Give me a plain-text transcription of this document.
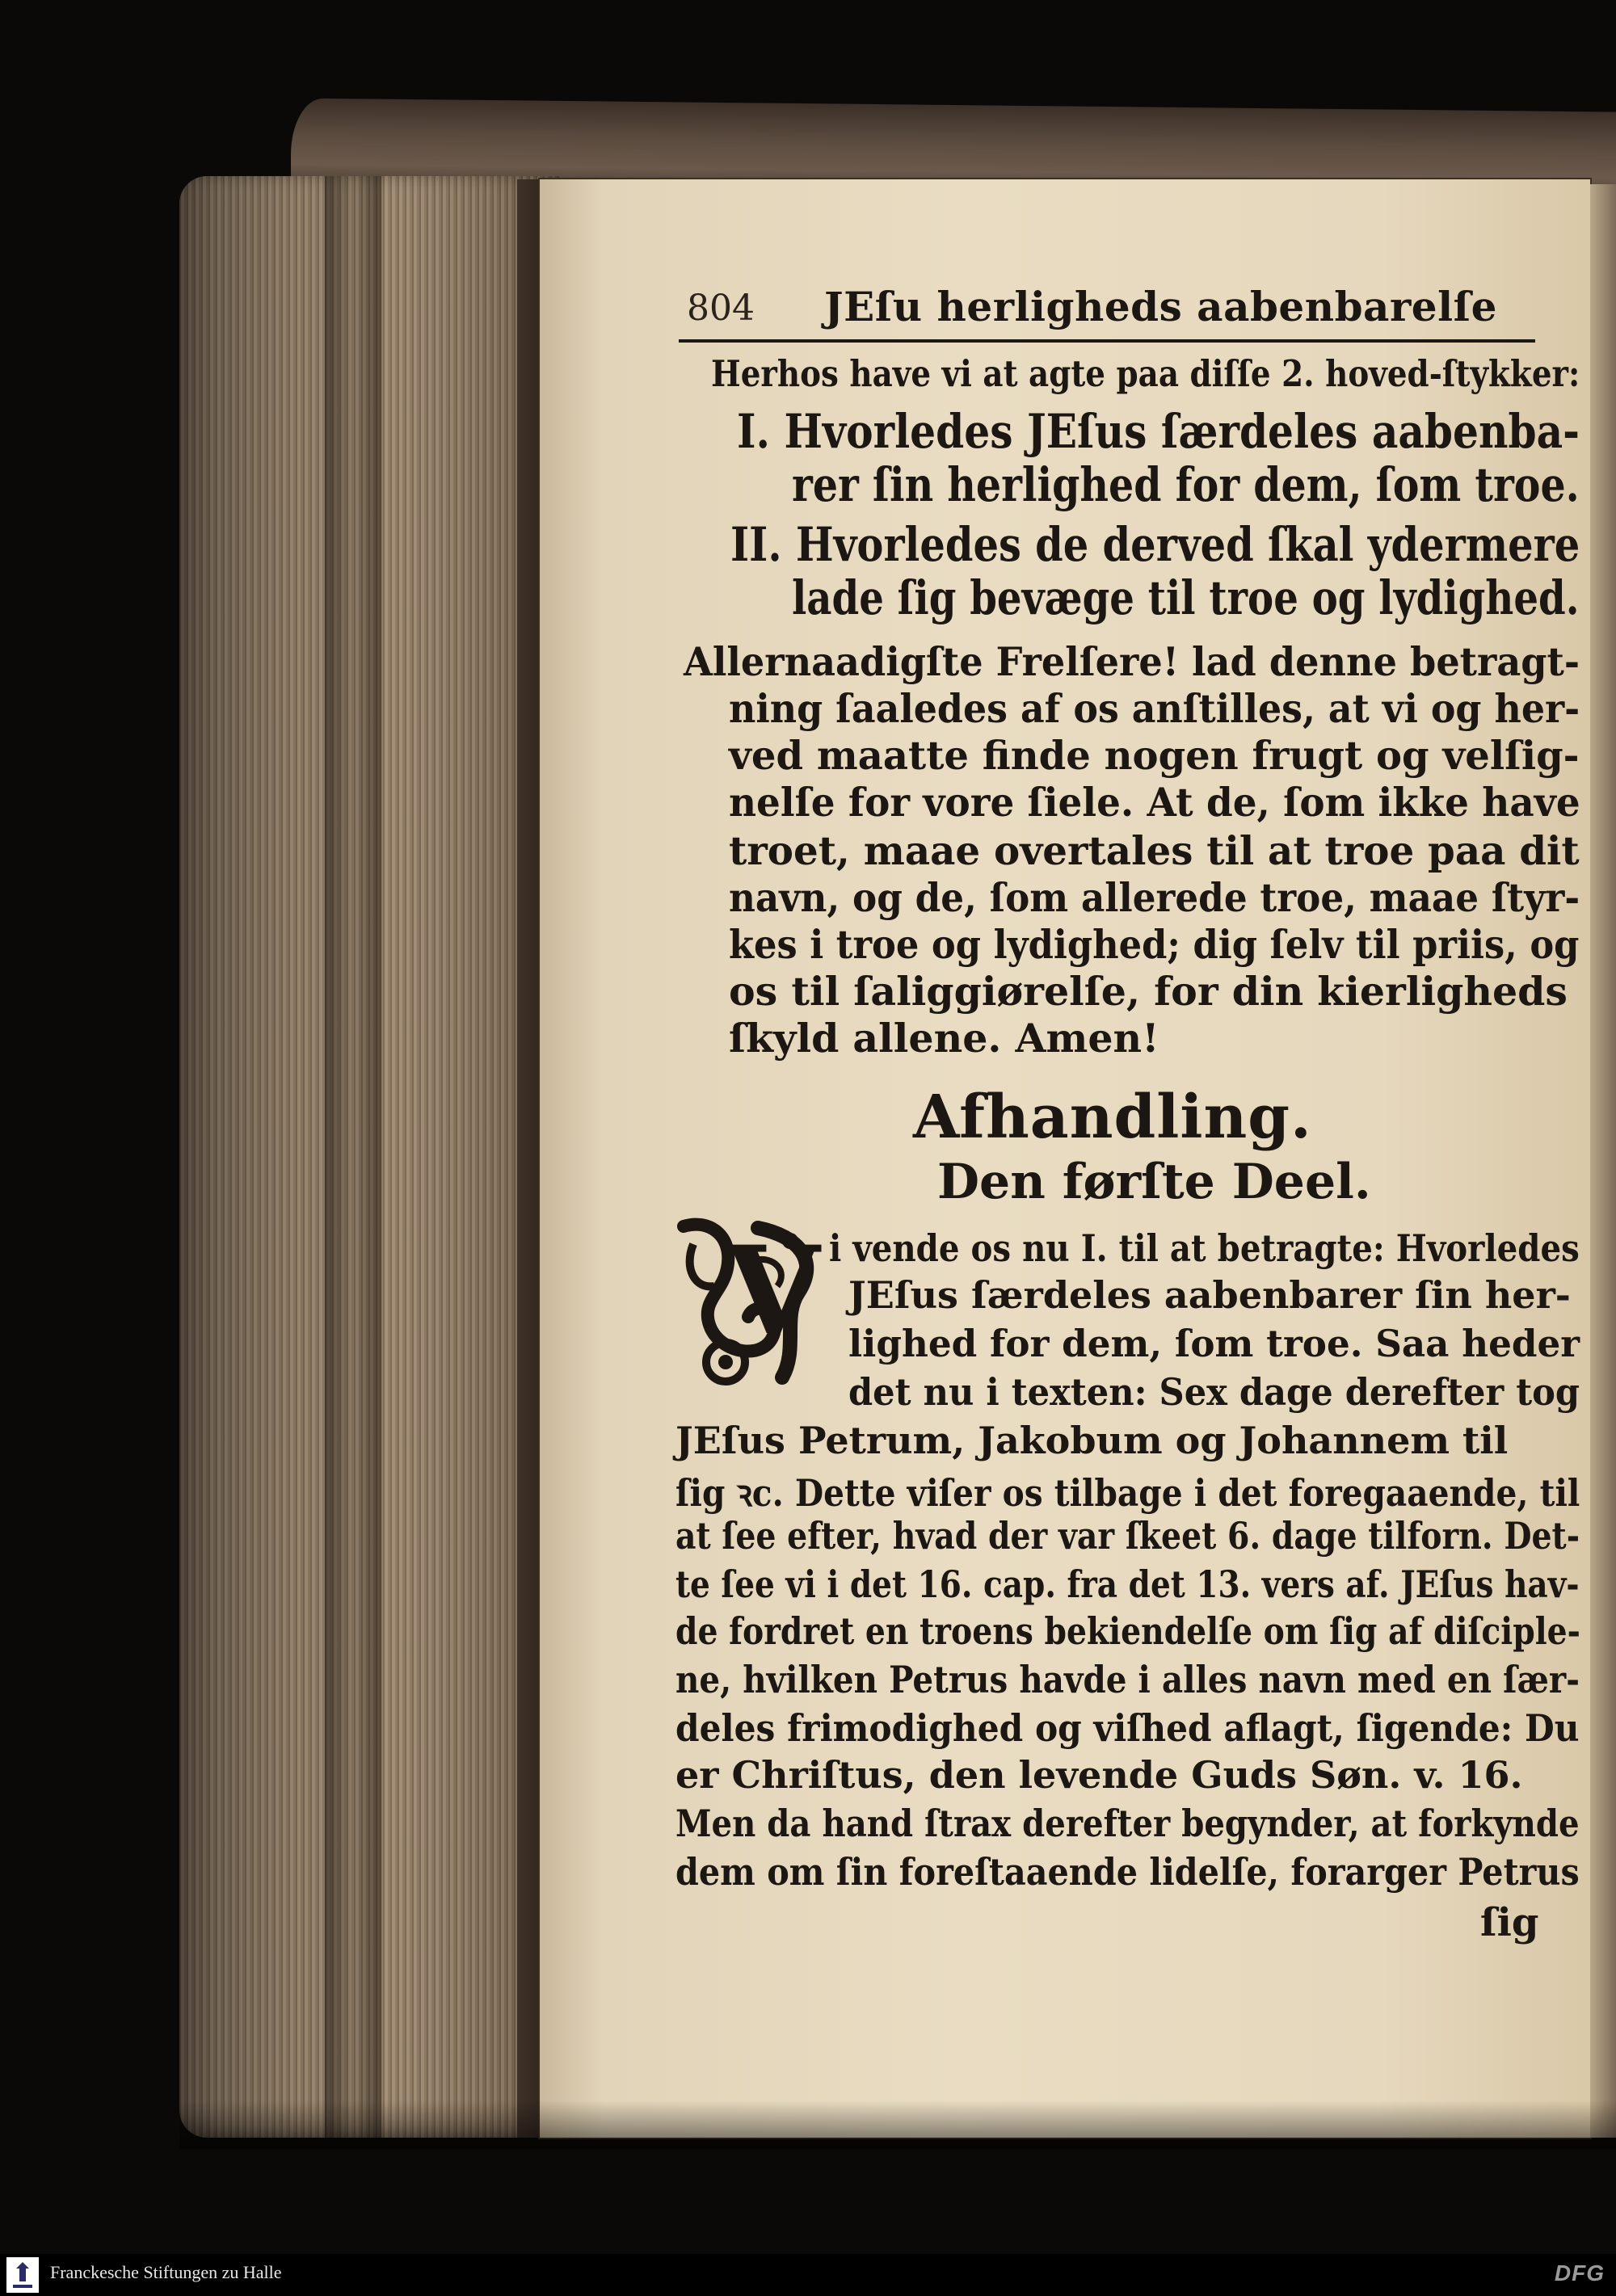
804 JEſu herligheds aabenbarelſe
Herhos have vi at agte paa diſſe 2. hoved-ſtykker:
I. Hvorledes JEſus ſærdeles aabenba-
rer ſin herlighed for dem, ſom troe.
II. Hvorledes de derved ſkal ydermere
lade ſig bevæge til troe og lydighed.
Allernaadigſte Frelſere! lad denne betragt-
ning ſaaledes af os anſtilles, at vi og her-
ved maatte finde nogen frugt og velſig-
nelſe for vore ſiele. At de, ſom ikke have
troet, maae overtales til at troe paa dit
navn, og de, ſom allerede troe, maae ſtyr-
kes i troe og lydighed; dig ſelv til priis, og
os til ſaliggiørelſe, for din kierligheds
ſkyld allene. Amen!
Afhandling.
Den førſte Deel.
V i vende os nu I. til at betragte: Hvorledes
JEſus ſærdeles aabenbarer ſin her-
lighed for dem, ſom troe. Saa heder
det nu i texten: Sex dage derefter tog
JEſus Petrum, Jakobum og Johannem til
ſig ꝛc. Dette viſer os tilbage i det foregaaende, til
at ſee efter, hvad der var ſkeet 6. dage tilforn. Det-
te ſee vi i det 16. cap. fra det 13. vers af. JEſus hav-
de fordret en troens bekiendelſe om ſig af diſciple-
ne, hvilken Petrus havde i alles navn med en ſær-
deles frimodighed og viſhed aflagt, ſigende: Du
er Chriſtus, den levende Guds Søn. v. 16.
Men da hand ſtrax derefter begynder, at forkynde
dem om ſin foreſtaaende lidelſe, forarger Petrus
ſig
Franckesche Stiftungen zu Halle	DFG
